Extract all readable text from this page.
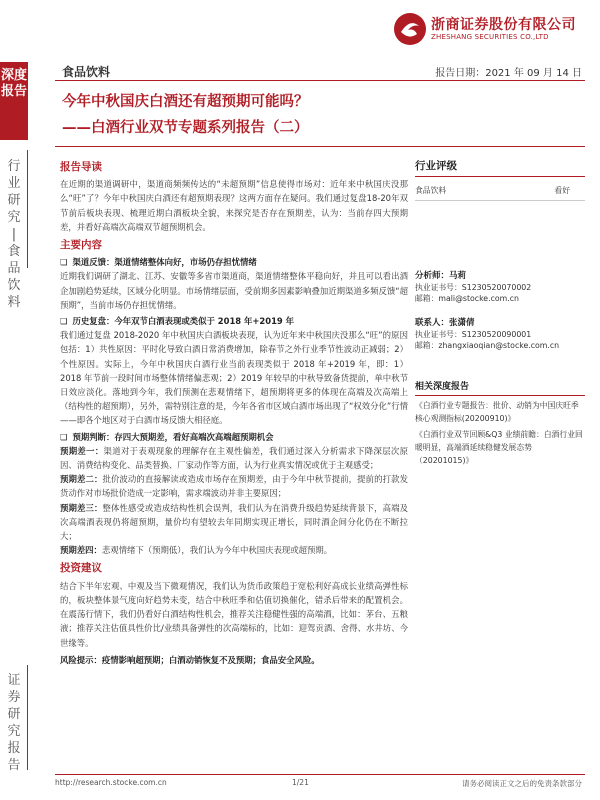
浙商证券股份有限公司
ZHESHANG SECURITIES CO.,LTD
深度
报告
行
业
研
究
|
食
品
饮
料
证
券
研
究
报
告
食品饮料	报告日期：2021 年 09 月 14 日
今年中秋国庆白酒还有超预期可能吗？
——白酒行业双节专题系列报告（二）
报告导读

在近期的渠道调研中，渠道商频频传达的“未超预期”信息使得市场对：近年来中秋国庆没那么“旺”了？今年中秋国庆白酒还有超预期表现？这两方面存在疑问。我们通过复盘18-20年双节前后板块表现、梳理近期白酒板块全貌，来探究是否存在预期差，认为：当前存四大预期差，并看好高端次高端双节超预期机会。

主要内容
❏ 渠道反馈：渠道情绪整体向好，市场仍存担忧情绪

近期我们调研了湖北、江苏、安徽等多省市渠道商，渠道情绪整体平稳向好，并且可以看出酒企加剧趋势延续，区域分化明显。市场情绪层面，受前期多因素影响叠加近期渠道多频反馈“超预期”，当前市场仍存担忧情绪。

❏ 历史复盘：今年双节白酒表现或类似于 2018 年+2019 年

我们通过复盘 2018-2020 年中秋国庆白酒板块表现，认为近年来中秋国庆没那么“旺”的原因包括：1）共性原因：平时化导致白酒日常消费增加，除春节之外行业季节性波动正减弱；2）个性原因。实际上，今年中秋国庆白酒行业当前表现类似于 2018 年+2019 年，即：1）2018 年节前一段时间市场整体情绪偏悲观；2）2019 年较早的中秋导致备货提前，单中秋节日效应淡化。落地到今年，我们预测在悲观情绪下，超预期将更多的体现在高端及次高端上（结构性的超预期），另外，需特别注意的是，今年各省市区域白酒市场出现了“权效分化”行情——即各个地区对于白酒市场反馈大相径庭。

❏ 预期判断：存四大预期差，看好高端次高端超预期机会

预期差一：渠道对于表观现象的理解存在主观性偏差，我们通过深入分析需求下降深层次原因、消费结构变化、品类替换、厂家动作等方面，认为行业真实情况或优于主观感受；

预期差二：批价波动的直接解读或造成市场存在预期差，由于今年中秋节提前，提前的打款发货动作对市场批价造成一定影响，需求端波动并非主要原因；

预期差三：整体性感受或造成结构性机会误判，我们认为在消费升级趋势延续背景下，高端及次高端酒表现仍将超预期，量价均有望较去年同期实现正增长，同时酒企间分化仍在不断拉大；

预期差四：悲观情绪下（预期低），我们认为今年中秋国庆表现或超预期。

投资建议

结合下半年宏观、中观及当下微观情况，我们认为货币政策趋于宽松利好高成长业绩高弹性标的，板块整体景气度向好趋势未变，结合中秋旺季和估值切换催化，错杀后带来的配置机会。在震荡行情下，我们仍看好白酒结构性机会，推荐关注稳健性强的高端酒，比如：茅台、五粮液；推荐关注估值具性价比/业绩具备弹性的次高端标的，比如：迎驾贡酒、舍得、水井坊、今世缘等。

风险提示：疫情影响超预期；白酒动销恢复不及预期；食品安全风险。

行业评级
食品饮料	看好
分析师：马莉
执业证书号：S1230520070002
邮箱：mali@stocke.com.cn
联系人：张潇倩
执业证书号：S1230520090001
邮箱：zhangxiaoqian@stocke.com.cn
相关深度报告
《白酒行业专题报告：批价、动销为中国庆旺季核心观测指标(20200910)》
《白酒行业双节回顾&Q3 业绩前瞻：白酒行业回暖明显，高端酒延续稳健发展态势（20201015)》
http://research.stocke.com.cn	1/21	请务必阅读正文之后的免责条款部分
